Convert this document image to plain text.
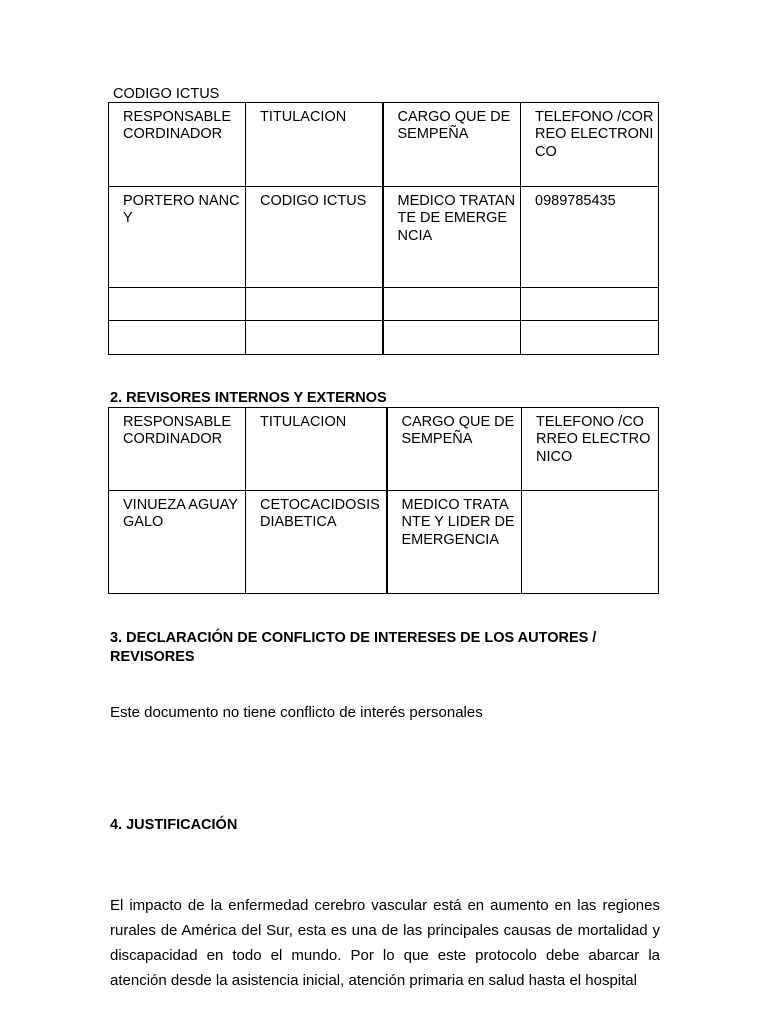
CODIGO ICTUS
RESPONSABLE CORDINADOR	TITULACION	CARGO QUE DESEMPEÑA	TELEFONO /CORREO ELECTRONICO
PORTERO NANCY	CODIGO ICTUS	MEDICO TRATANTE DE EMERGENCIA	0989785435

2. REVISORES INTERNOS Y EXTERNOS
RESPONSABLE CORDINADOR	TITULACION	CARGO QUE DESEMPEÑA	TELEFONO /CORREO ELECTRONICO
VINUEZA AGUAY GALO	CETOCACIDOSIS DIABETICA	MEDICO TRATANTE Y LIDER DE EMERGENCIA	
3. DECLARACIÓN DE CONFLICTO DE INTERESES DE LOS AUTORES / REVISORES
Este documento no tiene conflicto de interés personales
4. JUSTIFICACIÓN
El impacto de la enfermedad cerebro vascular está en aumento en las regiones rurales de América del Sur, esta es una de las principales causas de mortalidad y discapacidad en todo el mundo. Por lo que este protocolo debe abarcar la atención desde la asistencia inicial, atención primaria en salud hasta el hospital
